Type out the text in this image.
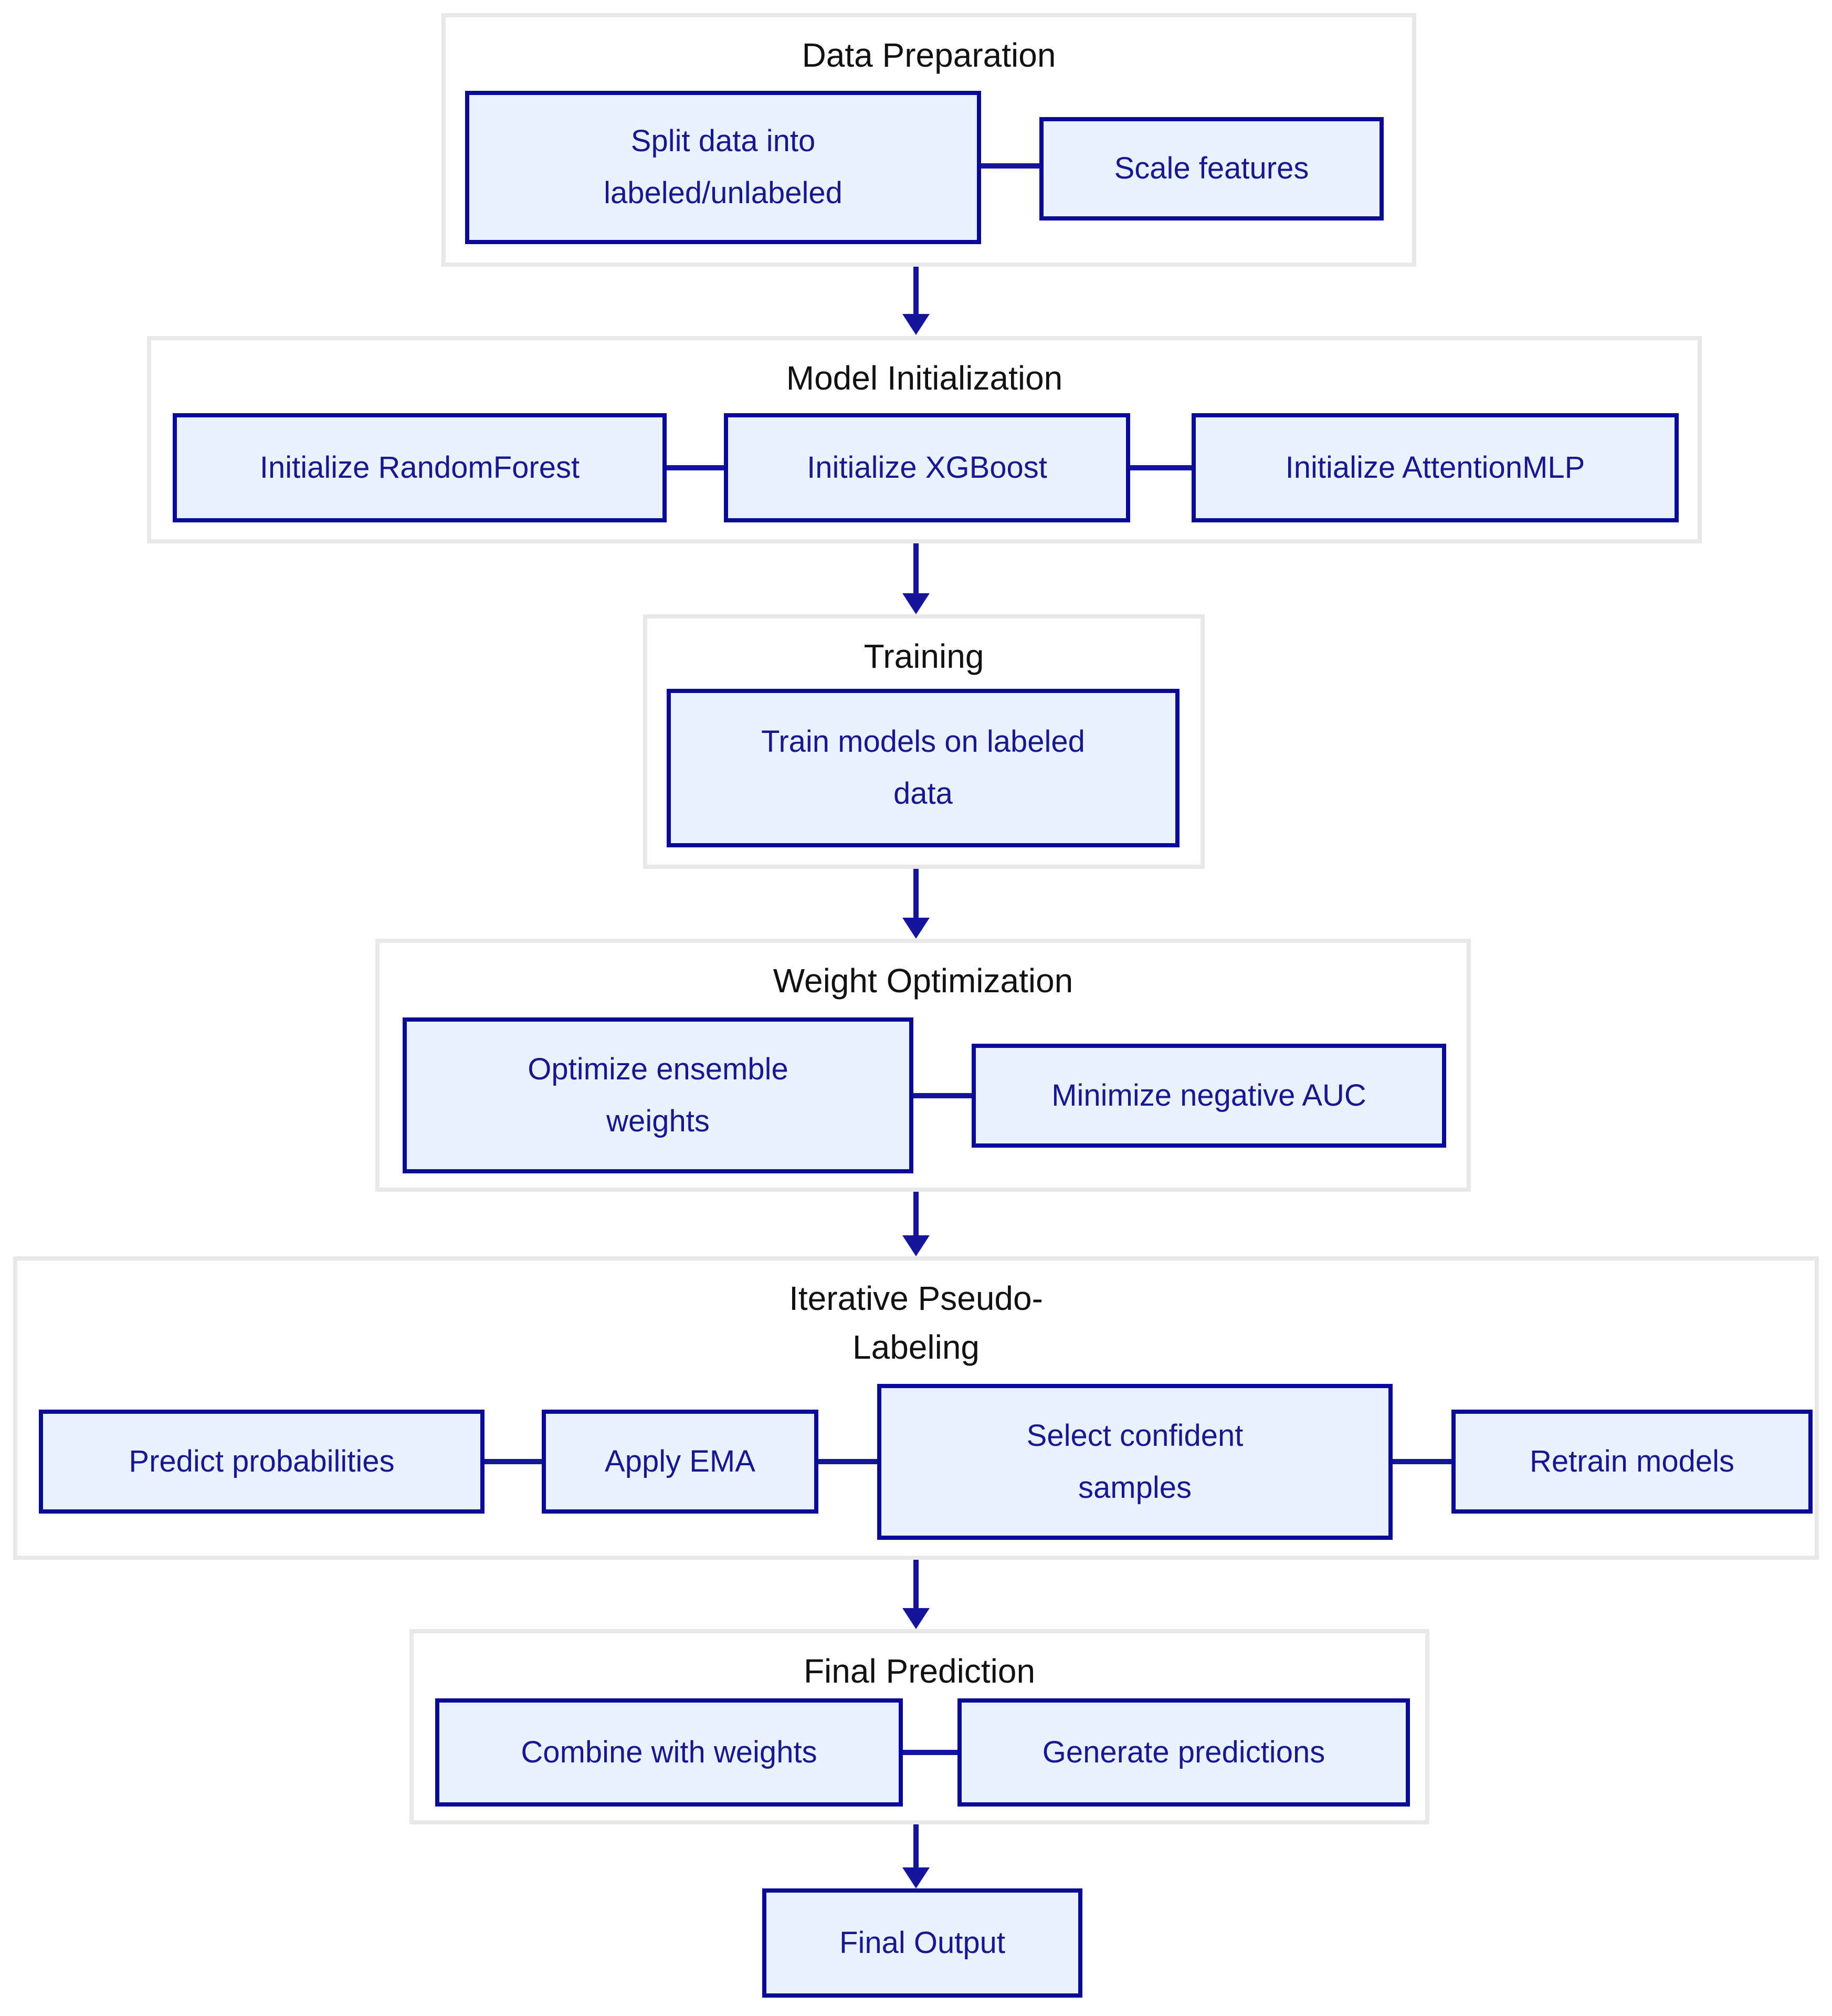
Data Preparation
Split data into labeled/unlabeled
Scale features
Model Initialization
Initialize RandomForest	Initialize XGBoost	Initialize AttentionMLP
Training
Train models on labeled data
Weight Optimization
Optimize ensemble weights
Minimize negative AUC
Iterative Pseudo-Labeling
Predict probabilities	Apply EMA
Select confident samples
Retrain models
Final Prediction
Combine with weights	Generate predictions
Final Output
